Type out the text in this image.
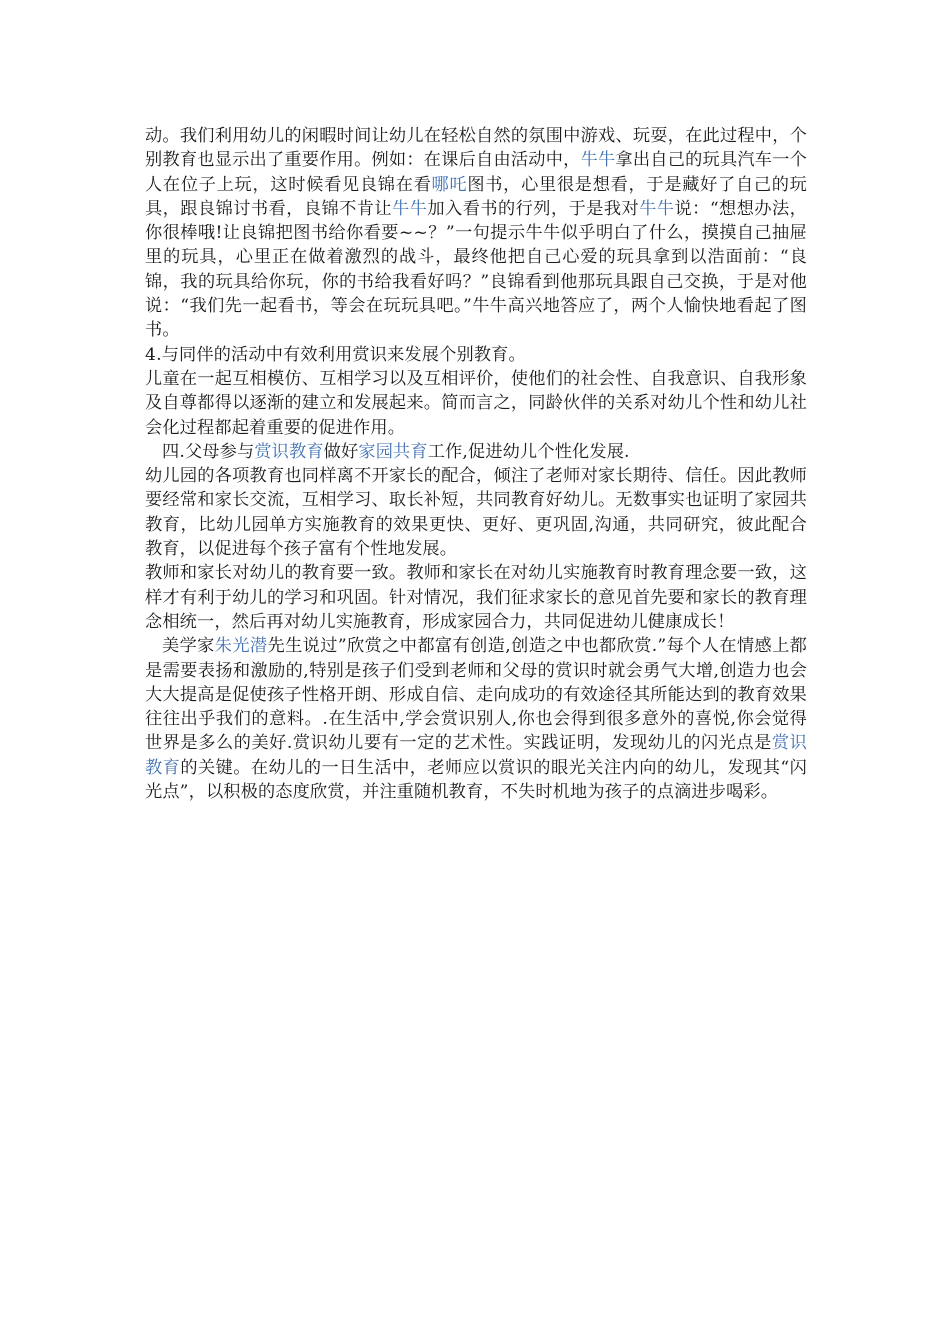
动。我们利用幼儿的闲暇时间让幼儿在轻松自然的氛围中游戏、玩耍，在此过程中，个别教育也显示出了重要作用。例如：在课后自由活动中，牛牛拿出自己的玩具汽车一个人在位子上玩，这时候看见良锦在看哪吒图书，心里很是想看，于是藏好了自己的玩具，跟良锦讨书看，良锦不肯让牛牛加入看书的行列，于是我对牛牛说：“想想办法，你很棒哦!让良锦把图书给你看要~~？”一句提示牛牛似乎明白了什么，摸摸自己抽屉里的玩具，心里正在做着激烈的战斗，最终他把自己心爱的玩具拿到以浩面前：“良锦，我的玩具给你玩，你的书给我看好吗？”良锦看到他那玩具跟自己交换，于是对他说：“我们先一起看书，等会在玩玩具吧。”牛牛高兴地答应了，两个人愉快地看起了图书。

4.与同伴的活动中有效利用赏识来发展个别教育。

儿童在一起互相模仿、互相学习以及互相评价，使他们的社会性、自我意识、自我形象及自尊都得以逐渐的建立和发展起来。简而言之，同龄伙伴的关系对幼儿个性和幼儿社会化过程都起着重要的促进作用。

四.父母参与赏识教育做好家园共育工作,促进幼儿个性化发展.

幼儿园的各项教育也同样离不开家长的配合，倾注了老师对家长期待、信任。因此教师要经常和家长交流，互相学习、取长补短，共同教育好幼儿。无数事实也证明了家园共教育，比幼儿园单方实施教育的效果更快、更好、更巩固,沟通，共同研究，彼此配合教育，以促进每个孩子富有个性地发展。

教师和家长对幼儿的教育要一致。教师和家长在对幼儿实施教育时教育理念要一致，这样才有利于幼儿的学习和巩固。针对情况，我们征求家长的意见首先要和家长的教育理念相统一，然后再对幼儿实施教育，形成家园合力，共同促进幼儿健康成长！

美学家朱光潜先生说过”欣赏之中都富有创造,创造之中也都欣赏.”每个人在情感上都是需要表扬和激励的,特别是孩子们受到老师和父母的赏识时就会勇气大增,创造力也会大大提高是促使孩子性格开朗、形成自信、走向成功的有效途径其所能达到的教育效果往往出乎我们的意料。.在生活中,学会赏识别人,你也会得到很多意外的喜悦,你会觉得世界是多么的美好.赏识幼儿要有一定的艺术性。实践证明，发现幼儿的闪光点是赏识教育的关键。在幼儿的一日生活中，老师应以赏识的眼光关注内向的幼儿，发现其“闪光点”，以积极的态度欣赏，并注重随机教育，不失时机地为孩子的点滴进步喝彩。
